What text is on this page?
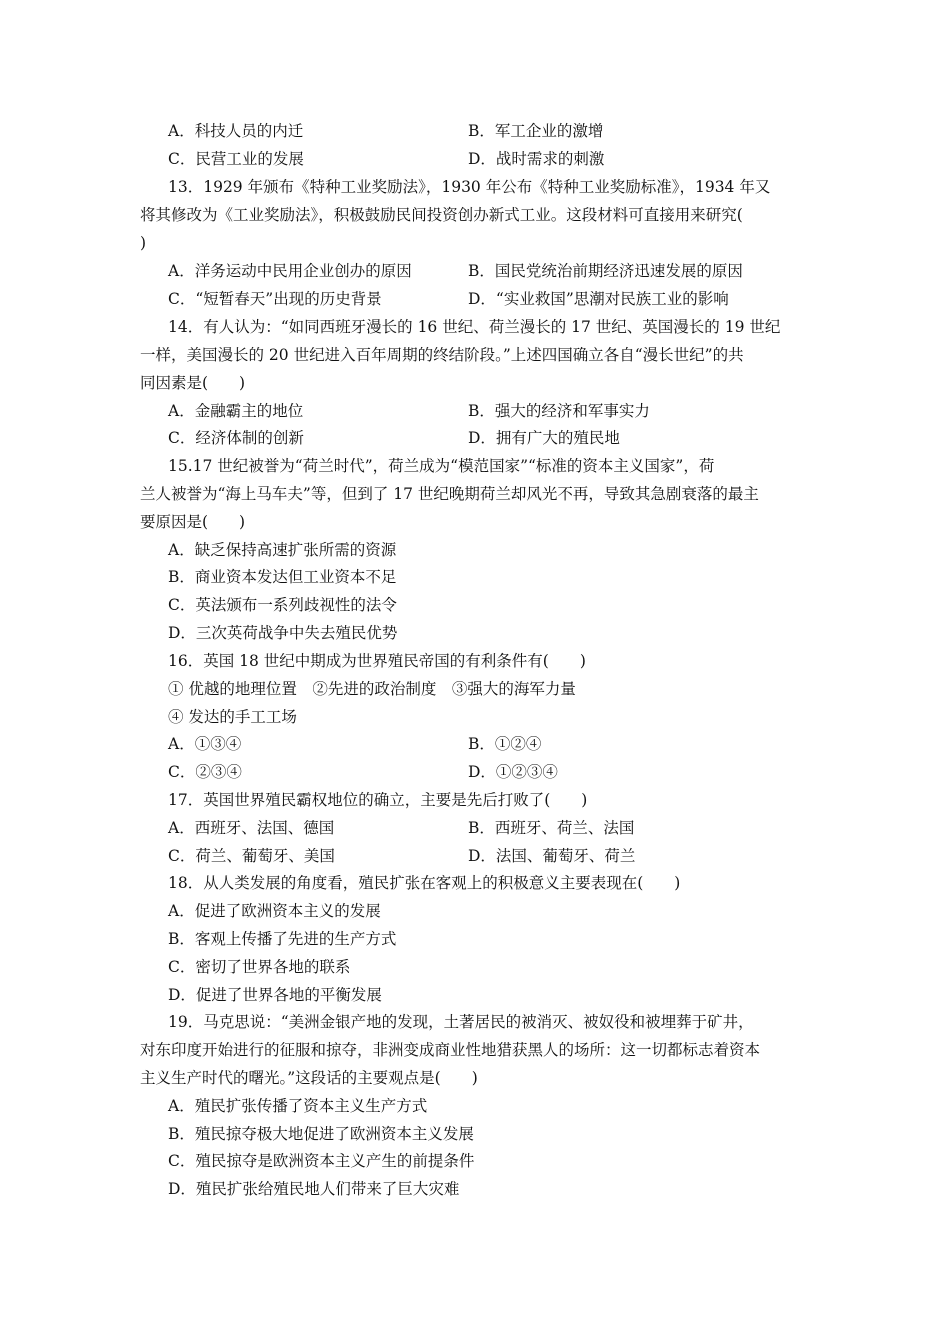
A．科技人员的内迁	B．军工企业的激增
C．民营工业的发展	D．战时需求的刺激
13．1929 年颁布《特种工业奖励法》，1930 年公布《特种工业奖励标准》，1934 年又
将其修改为《工业奖励法》，积极鼓励民间投资创办新式工业。这段材料可直接用来研究(
)
A．洋务运动中民用企业创办的原因	B．国民党统治前期经济迅速发展的原因
C．“短暂春天”出现的历史背景	D．“实业救国”思潮对民族工业的影响
14．有人认为：“如同西班牙漫长的 16 世纪、荷兰漫长的 17 世纪、英国漫长的 19 世纪
一样，美国漫长的 20 世纪进入百年周期的终结阶段。”上述四国确立各自“漫长世纪”的共
同因素是(　　)
A．金融霸主的地位	B．强大的经济和军事实力
C．经济体制的创新	D．拥有广大的殖民地
15.17 世纪被誉为“荷兰时代”，荷兰成为“模范国家”“标准的资本主义国家”，荷
兰人被誉为“海上马车夫”等，但到了 17 世纪晚期荷兰却风光不再，导致其急剧衰落的最主
要原因是(　　)
A．缺乏保持高速扩张所需的资源
B．商业资本发达但工业资本不足
C．英法颁布一系列歧视性的法令
D．三次英荷战争中失去殖民优势
16．英国 18 世纪中期成为世界殖民帝国的有利条件有(　　)
① 优越的地理位置　②先进的政治制度　③强大的海军力量
④ 发达的手工工场
A．①③④	B．①②④
C．②③④	D．①②③④
17．英国世界殖民霸权地位的确立，主要是先后打败了(　　)
A．西班牙、法国、德国	B．西班牙、荷兰、法国
C．荷兰、葡萄牙、美国	D．法国、葡萄牙、荷兰
18．从人类发展的角度看，殖民扩张在客观上的积极意义主要表现在(　　)
A．促进了欧洲资本主义的发展
B．客观上传播了先进的生产方式
C．密切了世界各地的联系
D．促进了世界各地的平衡发展
19．马克思说：“美洲金银产地的发现，土著居民的被消灭、被奴役和被埋葬于矿井，
对东印度开始进行的征服和掠夺，非洲变成商业性地猎获黑人的场所：这一切都标志着资本
主义生产时代的曙光。”这段话的主要观点是(　　)
A．殖民扩张传播了资本主义生产方式
B．殖民掠夺极大地促进了欧洲资本主义发展
C．殖民掠夺是欧洲资本主义产生的前提条件
D．殖民扩张给殖民地人们带来了巨大灾难
